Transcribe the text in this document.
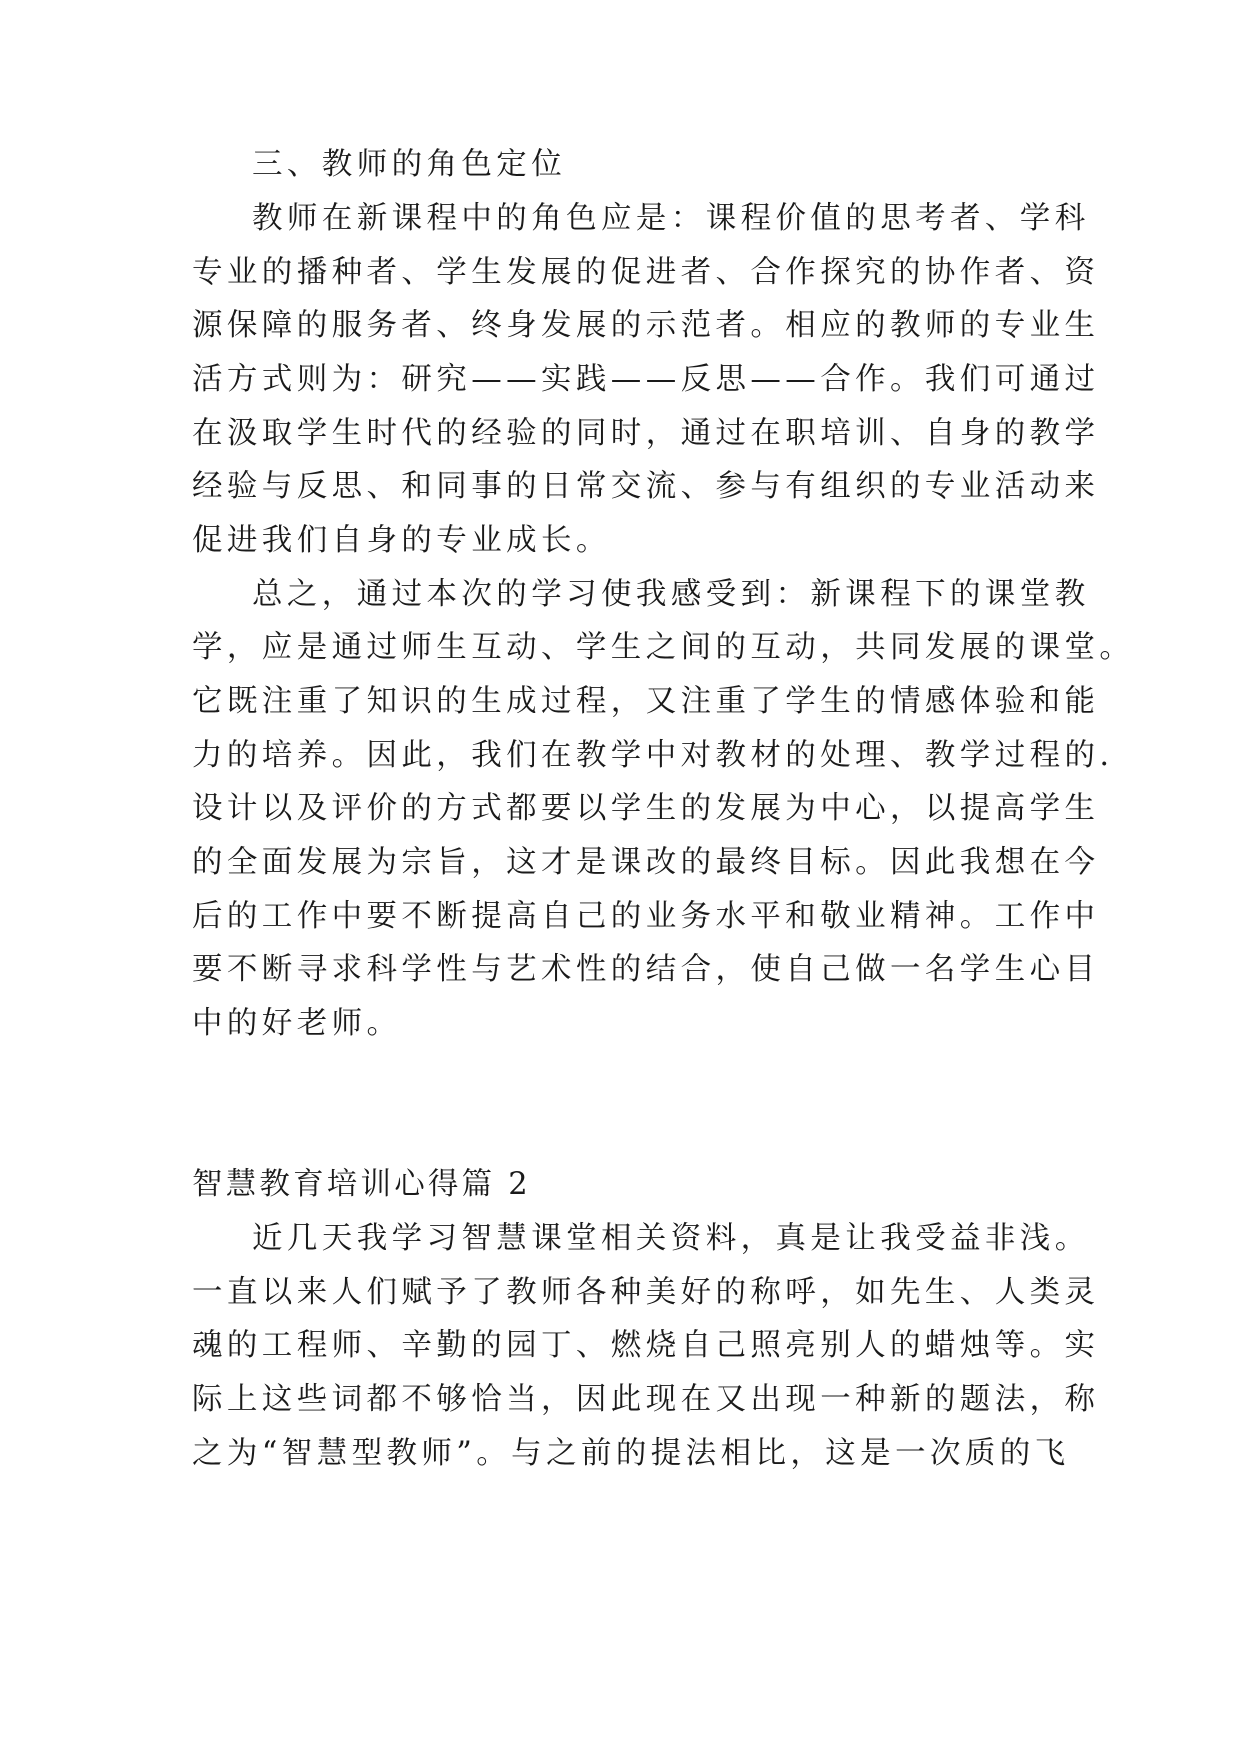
三、教师的角色定位
教师在新课程中的角色应是：课程价值的思考者、学科
专业的播种者、学生发展的促进者、合作探究的协作者、资
源保障的服务者、终身发展的示范者。相应的教师的专业生
活方式则为：研究——实践——反思——合作。我们可通过
在汲取学生时代的经验的同时，通过在职培训、自身的教学
经验与反思、和同事的日常交流、参与有组织的专业活动来
促进我们自身的专业成长。
总之，通过本次的学习使我感受到：新课程下的课堂教
学，应是通过师生互动、学生之间的互动，共同发展的课堂。
它既注重了知识的生成过程，又注重了学生的情感体验和能
力的培养。因此，我们在教学中对教材的处理、教学过程的.
设计以及评价的方式都要以学生的发展为中心，以提高学生
的全面发展为宗旨，这才是课改的最终目标。因此我想在今
后的工作中要不断提高自己的业务水平和敬业精神。工作中
要不断寻求科学性与艺术性的结合，使自己做一名学生心目
中的好老师。
智慧教育培训心得篇 2
近几天我学习智慧课堂相关资料，真是让我受益非浅。
一直以来人们赋予了教师各种美好的称呼，如先生、人类灵
魂的工程师、辛勤的园丁、燃烧自己照亮别人的蜡烛等。实
际上这些词都不够恰当，因此现在又出现一种新的题法，称
之为“智慧型教师”。与之前的提法相比，这是一次质的飞
